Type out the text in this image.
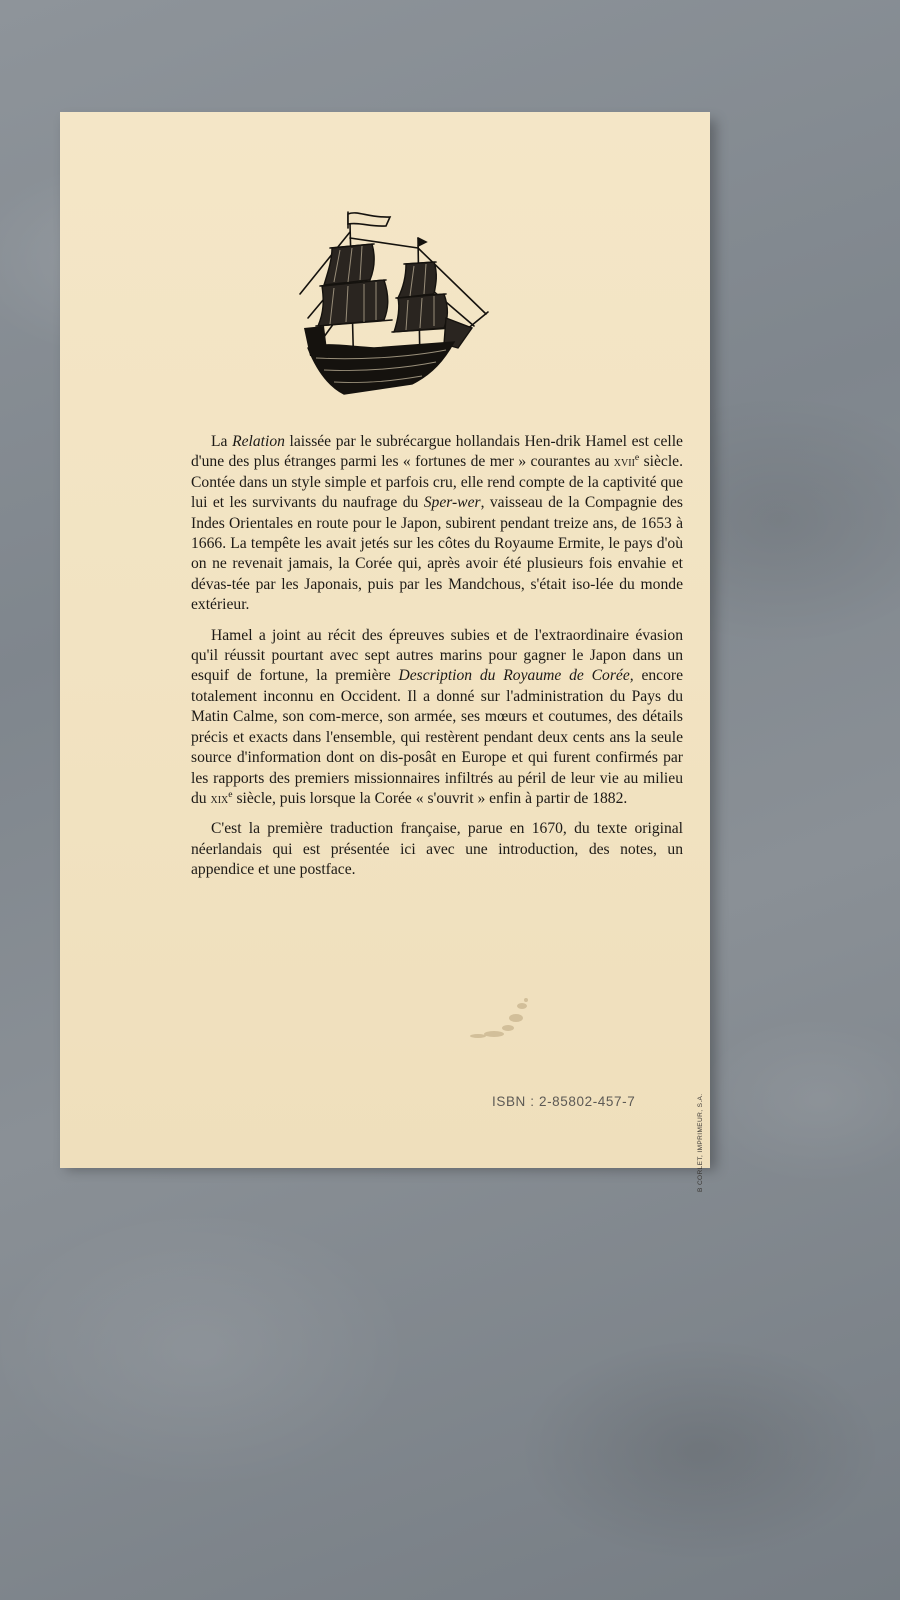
La Relation laissée par le subrécargue hollandais Hen-drik Hamel est celle d'une des plus étranges parmi les « fortunes de mer » courantes au xvii$^e$ siècle. Contée dans un style simple et parfois cru, elle rend compte de la captivité que lui et les survivants du naufrage du Sper-wer, vaisseau de la Compagnie des Indes Orientales en route pour le Japon, subirent pendant treize ans, de 1653 à 1666. La tempête les avait jetés sur les côtes du Royaume Ermite, le pays d'où on ne revenait jamais, la Corée qui, après avoir été plusieurs fois envahie et dévas-tée par les Japonais, puis par les Mandchous, s'était iso-lée du monde extérieur.

Hamel a joint au récit des épreuves subies et de l'extraordinaire évasion qu'il réussit pourtant avec sept autres marins pour gagner le Japon dans un esquif de fortune, la première Description du Royaume de Corée, encore totalement inconnu en Occident. Il a donné sur l'administration du Pays du Matin Calme, son com-merce, son armée, ses mœurs et coutumes, des détails précis et exacts dans l'ensemble, qui restèrent pendant deux cents ans la seule source d'information dont on dis-posât en Europe et qui furent confirmés par les rapports des premiers missionnaires infiltrés au péril de leur vie au milieu du xix$^e$ siècle, puis lorsque la Corée « s'ouvrit » enfin à partir de 1882.

C'est la première traduction française, parue en 1670, du texte original néerlandais qui est présentée ici avec une introduction, des notes, un appendice et une postface.

ISBN : 2-85802-457-7	B CORLET, IMPRIMEUR, S.A.
